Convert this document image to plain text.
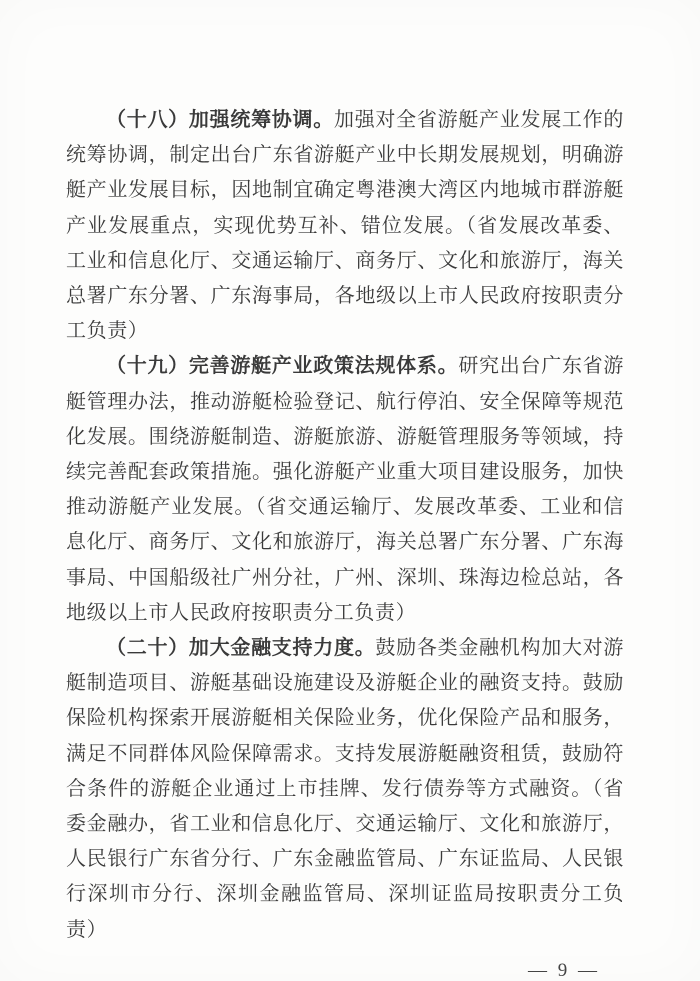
（十八）加强统筹协调。加强对全省游艇产业发展工作的统筹协调，制定出台广东省游艇产业中长期发展规划，明确游艇产业发展目标，因地制宜确定粤港澳大湾区内地城市群游艇产业发展重点，实现优势互补、错位发展。（省发展改革委、工业和信息化厅、交通运输厅、商务厅、文化和旅游厅，海关总署广东分署、广东海事局，各地级以上市人民政府按职责分工负责）

（十九）完善游艇产业政策法规体系。研究出台广东省游艇管理办法，推动游艇检验登记、航行停泊、安全保障等规范化发展。围绕游艇制造、游艇旅游、游艇管理服务等领域，持续完善配套政策措施。强化游艇产业重大项目建设服务，加快推动游艇产业发展。（省交通运输厅、发展改革委、工业和信息化厅、商务厅、文化和旅游厅，海关总署广东分署、广东海事局、中国船级社广州分社，广州、深圳、珠海边检总站，各地级以上市人民政府按职责分工负责）

（二十）加大金融支持力度。鼓励各类金融机构加大对游艇制造项目、游艇基础设施建设及游艇企业的融资支持。鼓励保险机构探索开展游艇相关保险业务，优化保险产品和服务，满足不同群体风险保障需求。支持发展游艇融资租赁，鼓励符合条件的游艇企业通过上市挂牌、发行债券等方式融资。（省委金融办，省工业和信息化厅、交通运输厅、文化和旅游厅，人民银行广东省分行、广东金融监管局、广东证监局、人民银行深圳市分行、深圳金融监管局、深圳证监局按职责分工负责）

— 9 —
